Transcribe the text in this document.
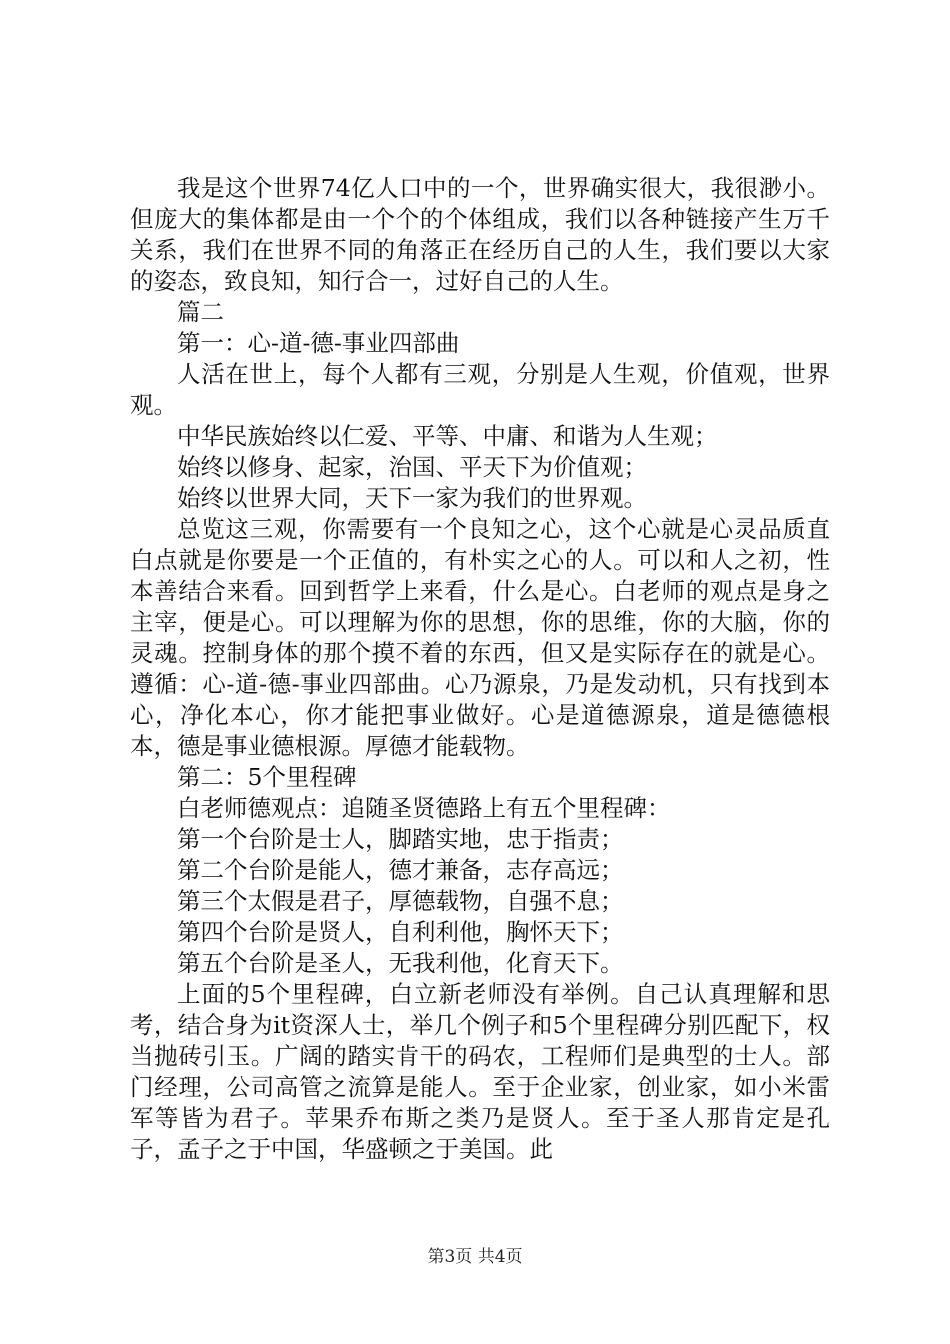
我是这个世界74亿人口中的一个，世界确实很大，我很渺小。但庞大的集体都是由一个个的个体组成，我们以各种链接产生万千关系，我们在世界不同的角落正在经历自己的人生，我们要以大家的姿态，致良知，知行合一，过好自己的人生。

篇二

第一：心-道-德-事业四部曲

人活在世上，每个人都有三观，分别是人生观，价值观，世界观。

中华民族始终以仁爱、平等、中庸、和谐为人生观；

始终以修身、起家，治国、平天下为价值观；

始终以世界大同，天下一家为我们的世界观。

总览这三观，你需要有一个良知之心，这个心就是心灵品质直白点就是你要是一个正值的，有朴实之心的人。可以和人之初，性本善结合来看。回到哲学上来看，什么是心。白老师的观点是身之主宰，便是心。可以理解为你的思想，你的思维，你的大脑，你的灵魂。控制身体的那个摸不着的东西，但又是实际存在的就是心。遵循：心-道-德-事业四部曲。心乃源泉，乃是发动机，只有找到本心，净化本心，你才能把事业做好。心是道德源泉，道是德德根本，德是事业德根源。厚德才能载物。

第二：5个里程碑

白老师德观点：追随圣贤德路上有五个里程碑：

第一个台阶是士人，脚踏实地，忠于指责；

第二个台阶是能人，德才兼备，志存高远；

第三个太假是君子，厚德载物，自强不息；

第四个台阶是贤人，自利利他，胸怀天下；

第五个台阶是圣人，无我利他，化育天下。

上面的5个里程碑，白立新老师没有举例。自己认真理解和思考，结合身为it资深人士，举几个例子和5个里程碑分别匹配下，权当抛砖引玉。广阔的踏实肯干的码农，工程师们是典型的士人。部门经理，公司高管之流算是能人。至于企业家，创业家，如小米雷军等皆为君子。苹果乔布斯之类乃是贤人。至于圣人那肯定是孔子，孟子之于中国，华盛顿之于美国。此

第3页 共4页
